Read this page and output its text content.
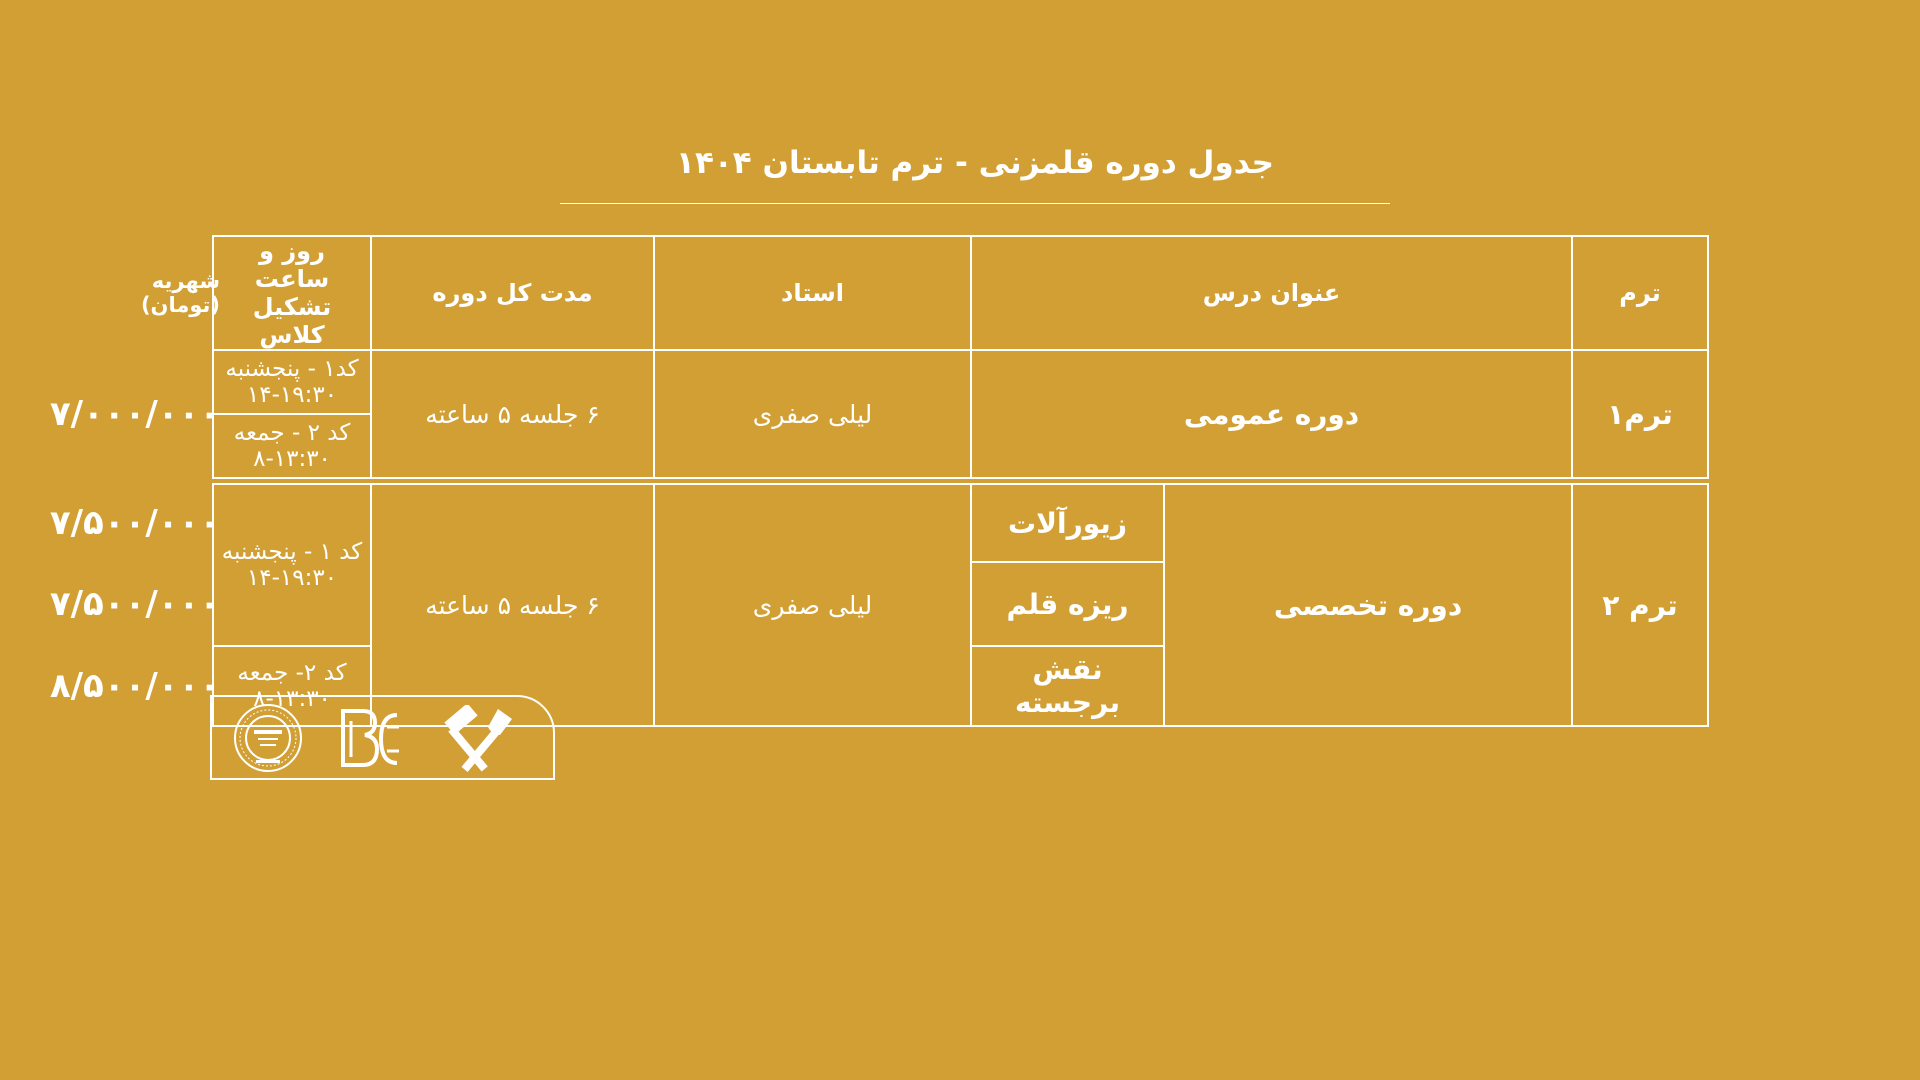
جدول دوره قلمزنی - ترم تابستان ۱۴۰۴
ترم	عنوان درس		استاد	مدت کل دوره	روز و ساعت تشکیل کلاس	شهریه (تومان)
ترم۱	دوره عمومی		لیلی صفری	۶ جلسه ۵ ساعته	کد۱ - پنجشنبه ۱۹:۳۰-۱۴	۷/۰۰۰/۰۰۰
					کد ۲ - جمعه ۱۳:۳۰-۸	

ترم ۲	دوره تخصصی	زیورآلات	لیلی صفری	۶ جلسه ۵ ساعته	کد ۱ - پنجشنبه ۱۹:۳۰-۱۴	۷/۵۰۰/۰۰۰
		ریزه قلم				۷/۵۰۰/۰۰۰
		نقش برجسته			کد ۲- جمعه ۱۳:۳۰-۸	۸/۵۰۰/۰۰۰
